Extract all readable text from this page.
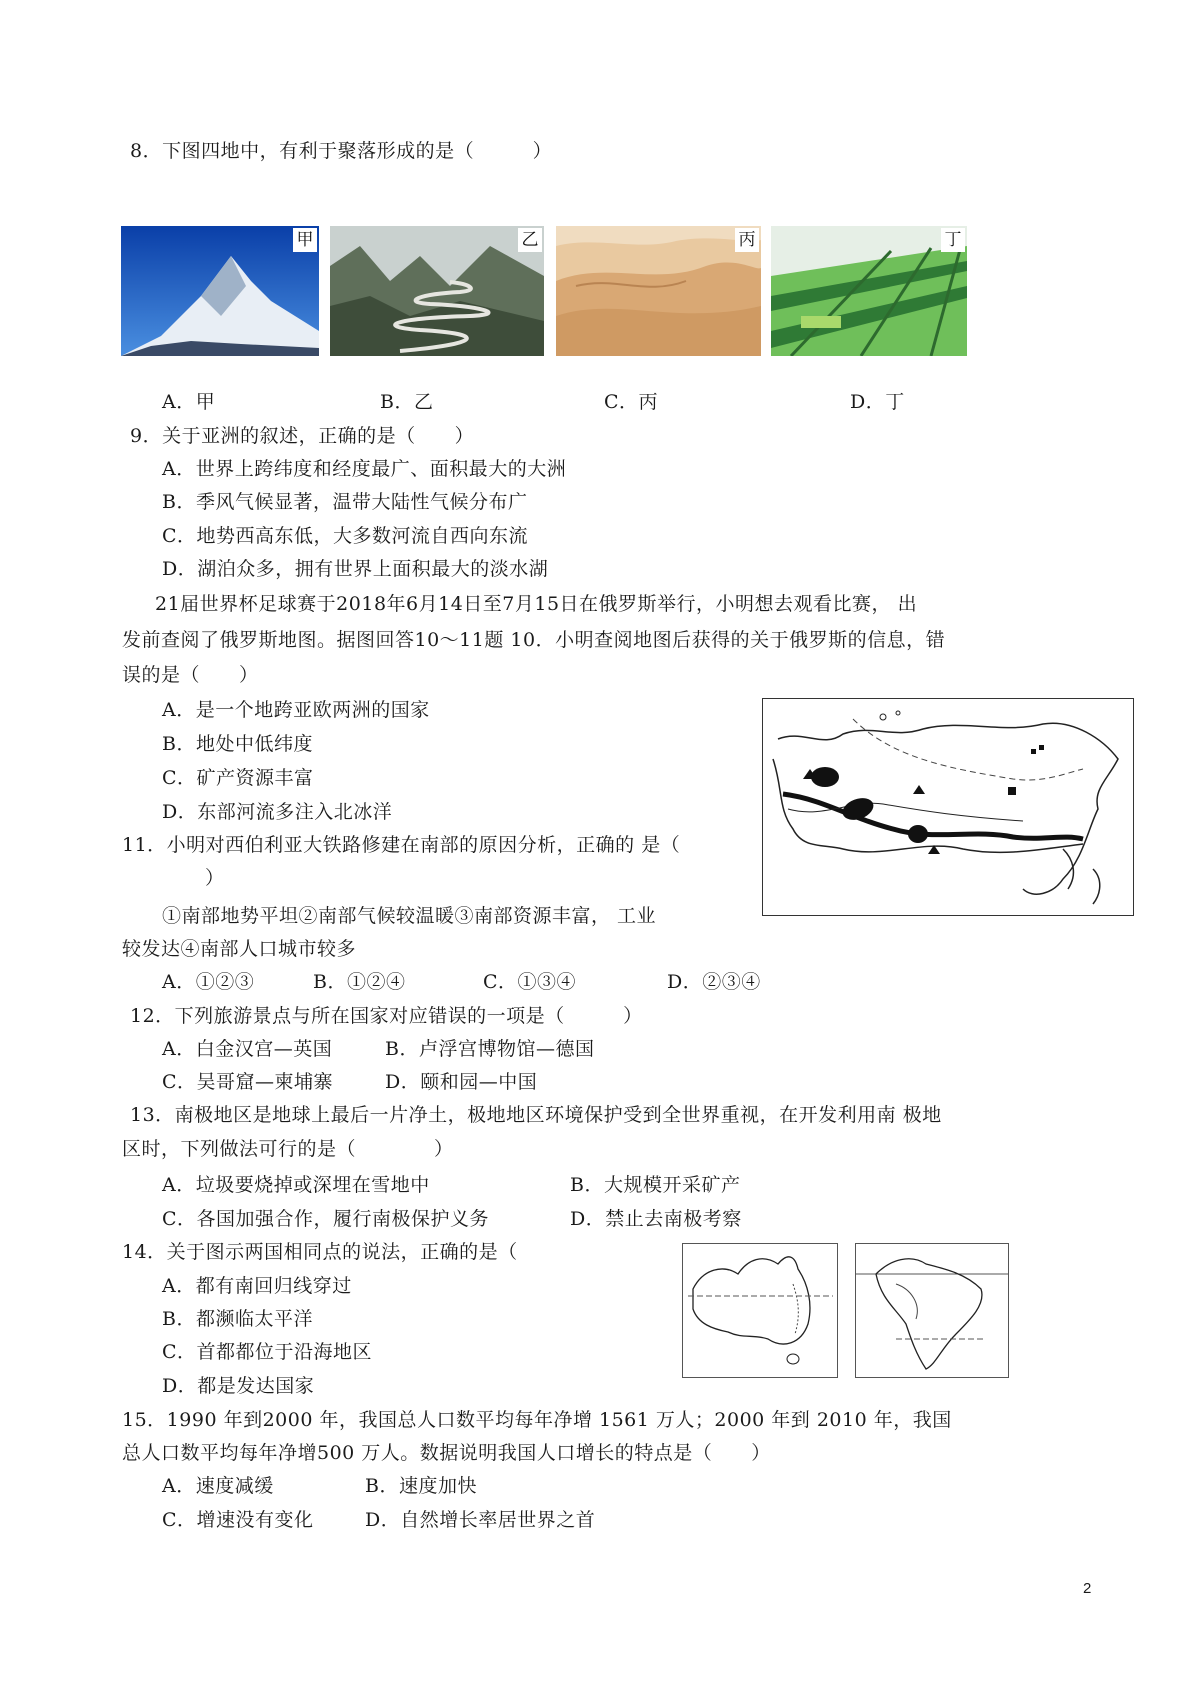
8．下图四地中，有利于聚落形成的是（　　　）
甲	乙	丙	丁
A．甲	B．乙	C．丙	D．丁
9．关于亚洲的叙述，正确的是（　　）
A．世界上跨纬度和经度最广、面积最大的大洲
B．季风气候显著，温带大陆性气候分布广
C．地势西高东低，大多数河流自西向东流
D．湖泊众多，拥有世界上面积最大的淡水湖
21届世界杯足球赛于2018年6月14日至7月15日在俄罗斯举行，小明想去观看比赛， 出
发前查阅了俄罗斯地图。据图回答10～11题 10．小明查阅地图后获得的关于俄罗斯的信息，错
误的是（　　）
A．是一个地跨亚欧两洲的国家
B．地处中低纬度
C．矿产资源丰富
D．东部河流多注入北冰洋
11．小明对西伯利亚大铁路修建在南部的原因分析，正确的 是（
）
①南部地势平坦②南部气候较温暖③南部资源丰富， 工业
较发达④南部人口城市较多
A．①②③	B．①②④	C．①③④	D．②③④
12．下列旅游景点与所在国家对应错误的一项是（　　　）
A．白金汉宫—英国	B．卢浮宫博物馆—德国
C．吴哥窟—柬埔寨	D．颐和园—中国
13．南极地区是地球上最后一片净土，极地地区环境保护受到全世界重视，在开发利用南 极地
区时，下列做法可行的是（　　　　）
A．垃圾要烧掉或深埋在雪地中	B．大规模开采矿产
C．各国加强合作，履行南极保护义务	D．禁止去南极考察
14．关于图示两国相同点的说法，正确的是（
A．都有南回归线穿过
B．都濒临太平洋
C．首都都位于沿海地区
D．都是发达国家
15．1990 年到2000 年，我国总人口数平均每年净增 1561 万人；2000 年到 2010 年，我国
总人口数平均每年净增500 万人。数据说明我国人口增长的特点是（　　）
A．速度减缓	B．速度加快
C．增速没有变化	D．自然增长率居世界之首
2
